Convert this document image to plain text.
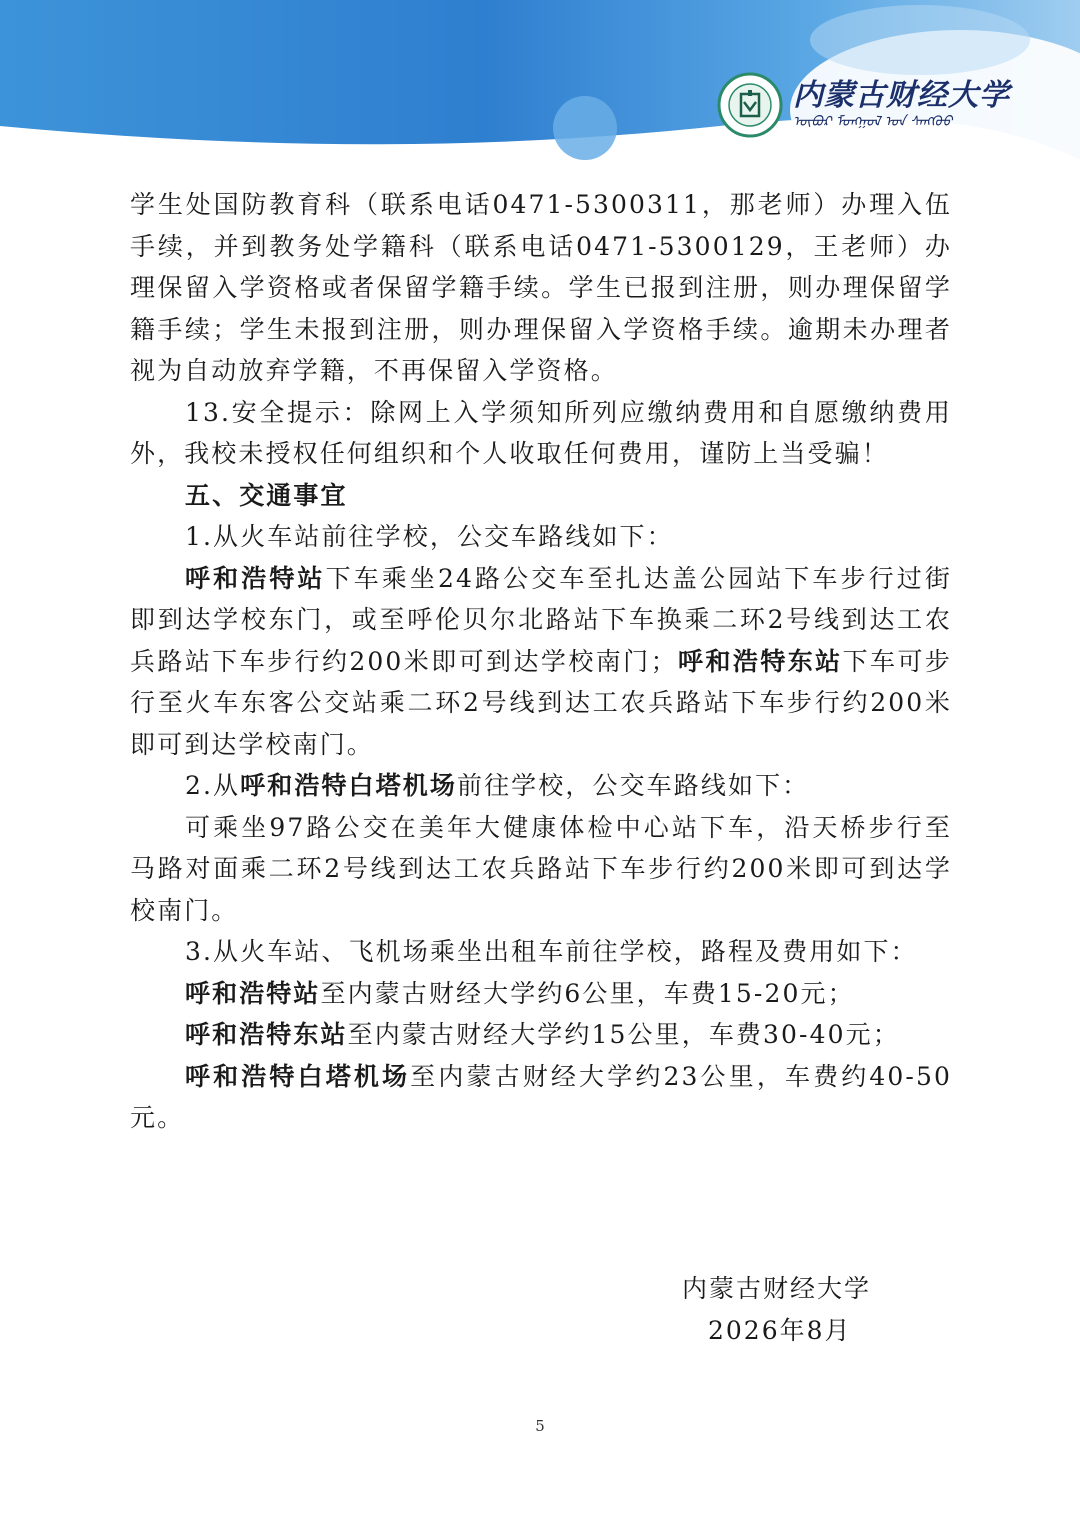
内蒙古财经大学
ᠥᠪᠥᠷ ᠮᠣᠩᠭᠣᠯ ᠤᠨ ᠰᠠᠩᠬᠦᠦ

学生处国防教育科（联系电话0471-5300311，那老师）办理入伍手续，并到教务处学籍科（联系电话0471-5300129，王老师）办理保留入学资格或者保留学籍手续。学生已报到注册，则办理保留学籍手续；学生未报到注册，则办理保留入学资格手续。逾期未办理者视为自动放弃学籍，不再保留入学资格。

13.安全提示：除网上入学须知所列应缴纳费用和自愿缴纳费用外，我校未授权任何组织和个人收取任何费用，谨防上当受骗！

五、交通事宜

1.从火车站前往学校，公交车路线如下：

呼和浩特站下车乘坐24路公交车至扎达盖公园站下车步行过街即到达学校东门，或至呼伦贝尔北路站下车换乘二环2号线到达工农兵路站下车步行约200米即可到达学校南门；呼和浩特东站下车可步行至火车东客公交站乘二环2号线到达工农兵路站下车步行约200米即可到达学校南门。

2.从呼和浩特白塔机场前往学校，公交车路线如下：

可乘坐97路公交在美年大健康体检中心站下车，沿天桥步行至马路对面乘二环2号线到达工农兵路站下车步行约200米即可到达学校南门。

3.从火车站、飞机场乘坐出租车前往学校，路程及费用如下：

呼和浩特站至内蒙古财经大学约6公里，车费15-20元；

呼和浩特东站至内蒙古财经大学约15公里，车费30-40元；

呼和浩特白塔机场至内蒙古财经大学约23公里，车费约40-50元。

内蒙古财经大学
2026年8月
5
